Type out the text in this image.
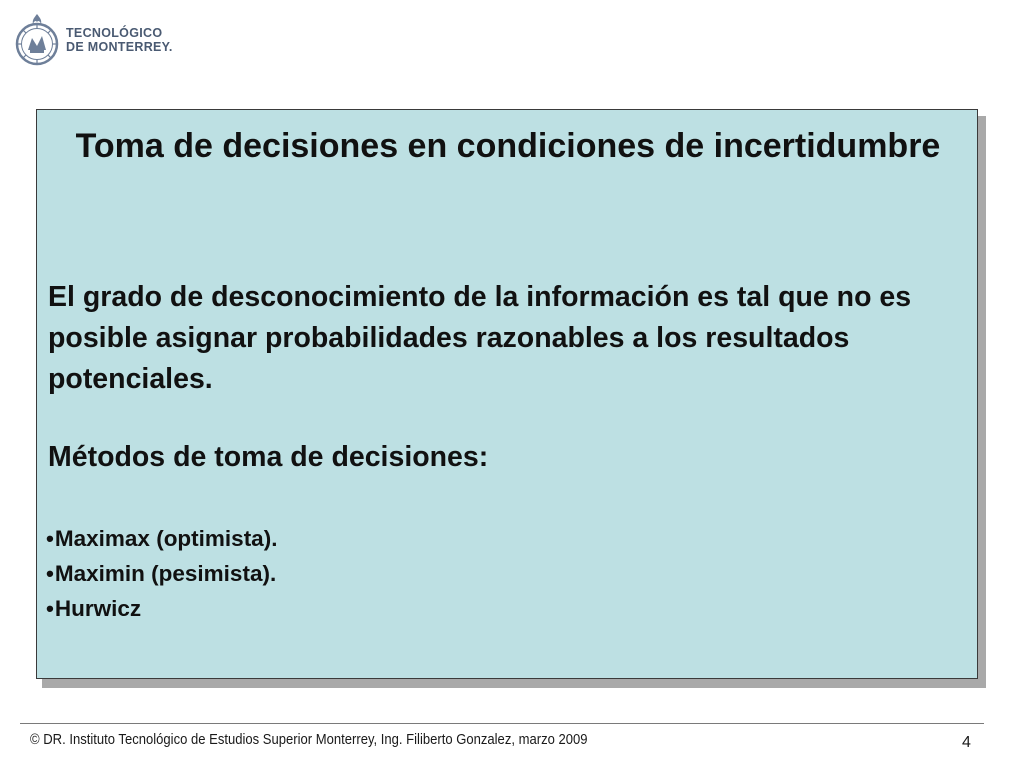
TECNOLÓGICO
DE MONTERREY.
Toma de decisiones en condiciones de incertidumbre

El grado de desconocimiento de la información es tal que no es posible asignar probabilidades razonables a los resultados potenciales.

Métodos de toma de decisiones:

•Maximax (optimista).
•Maximin (pesimista).
•Hurwicz
© DR. Instituto Tecnológico de Estudios Superior Monterrey, Ing. Filiberto Gonzalez, marzo 2009	4
